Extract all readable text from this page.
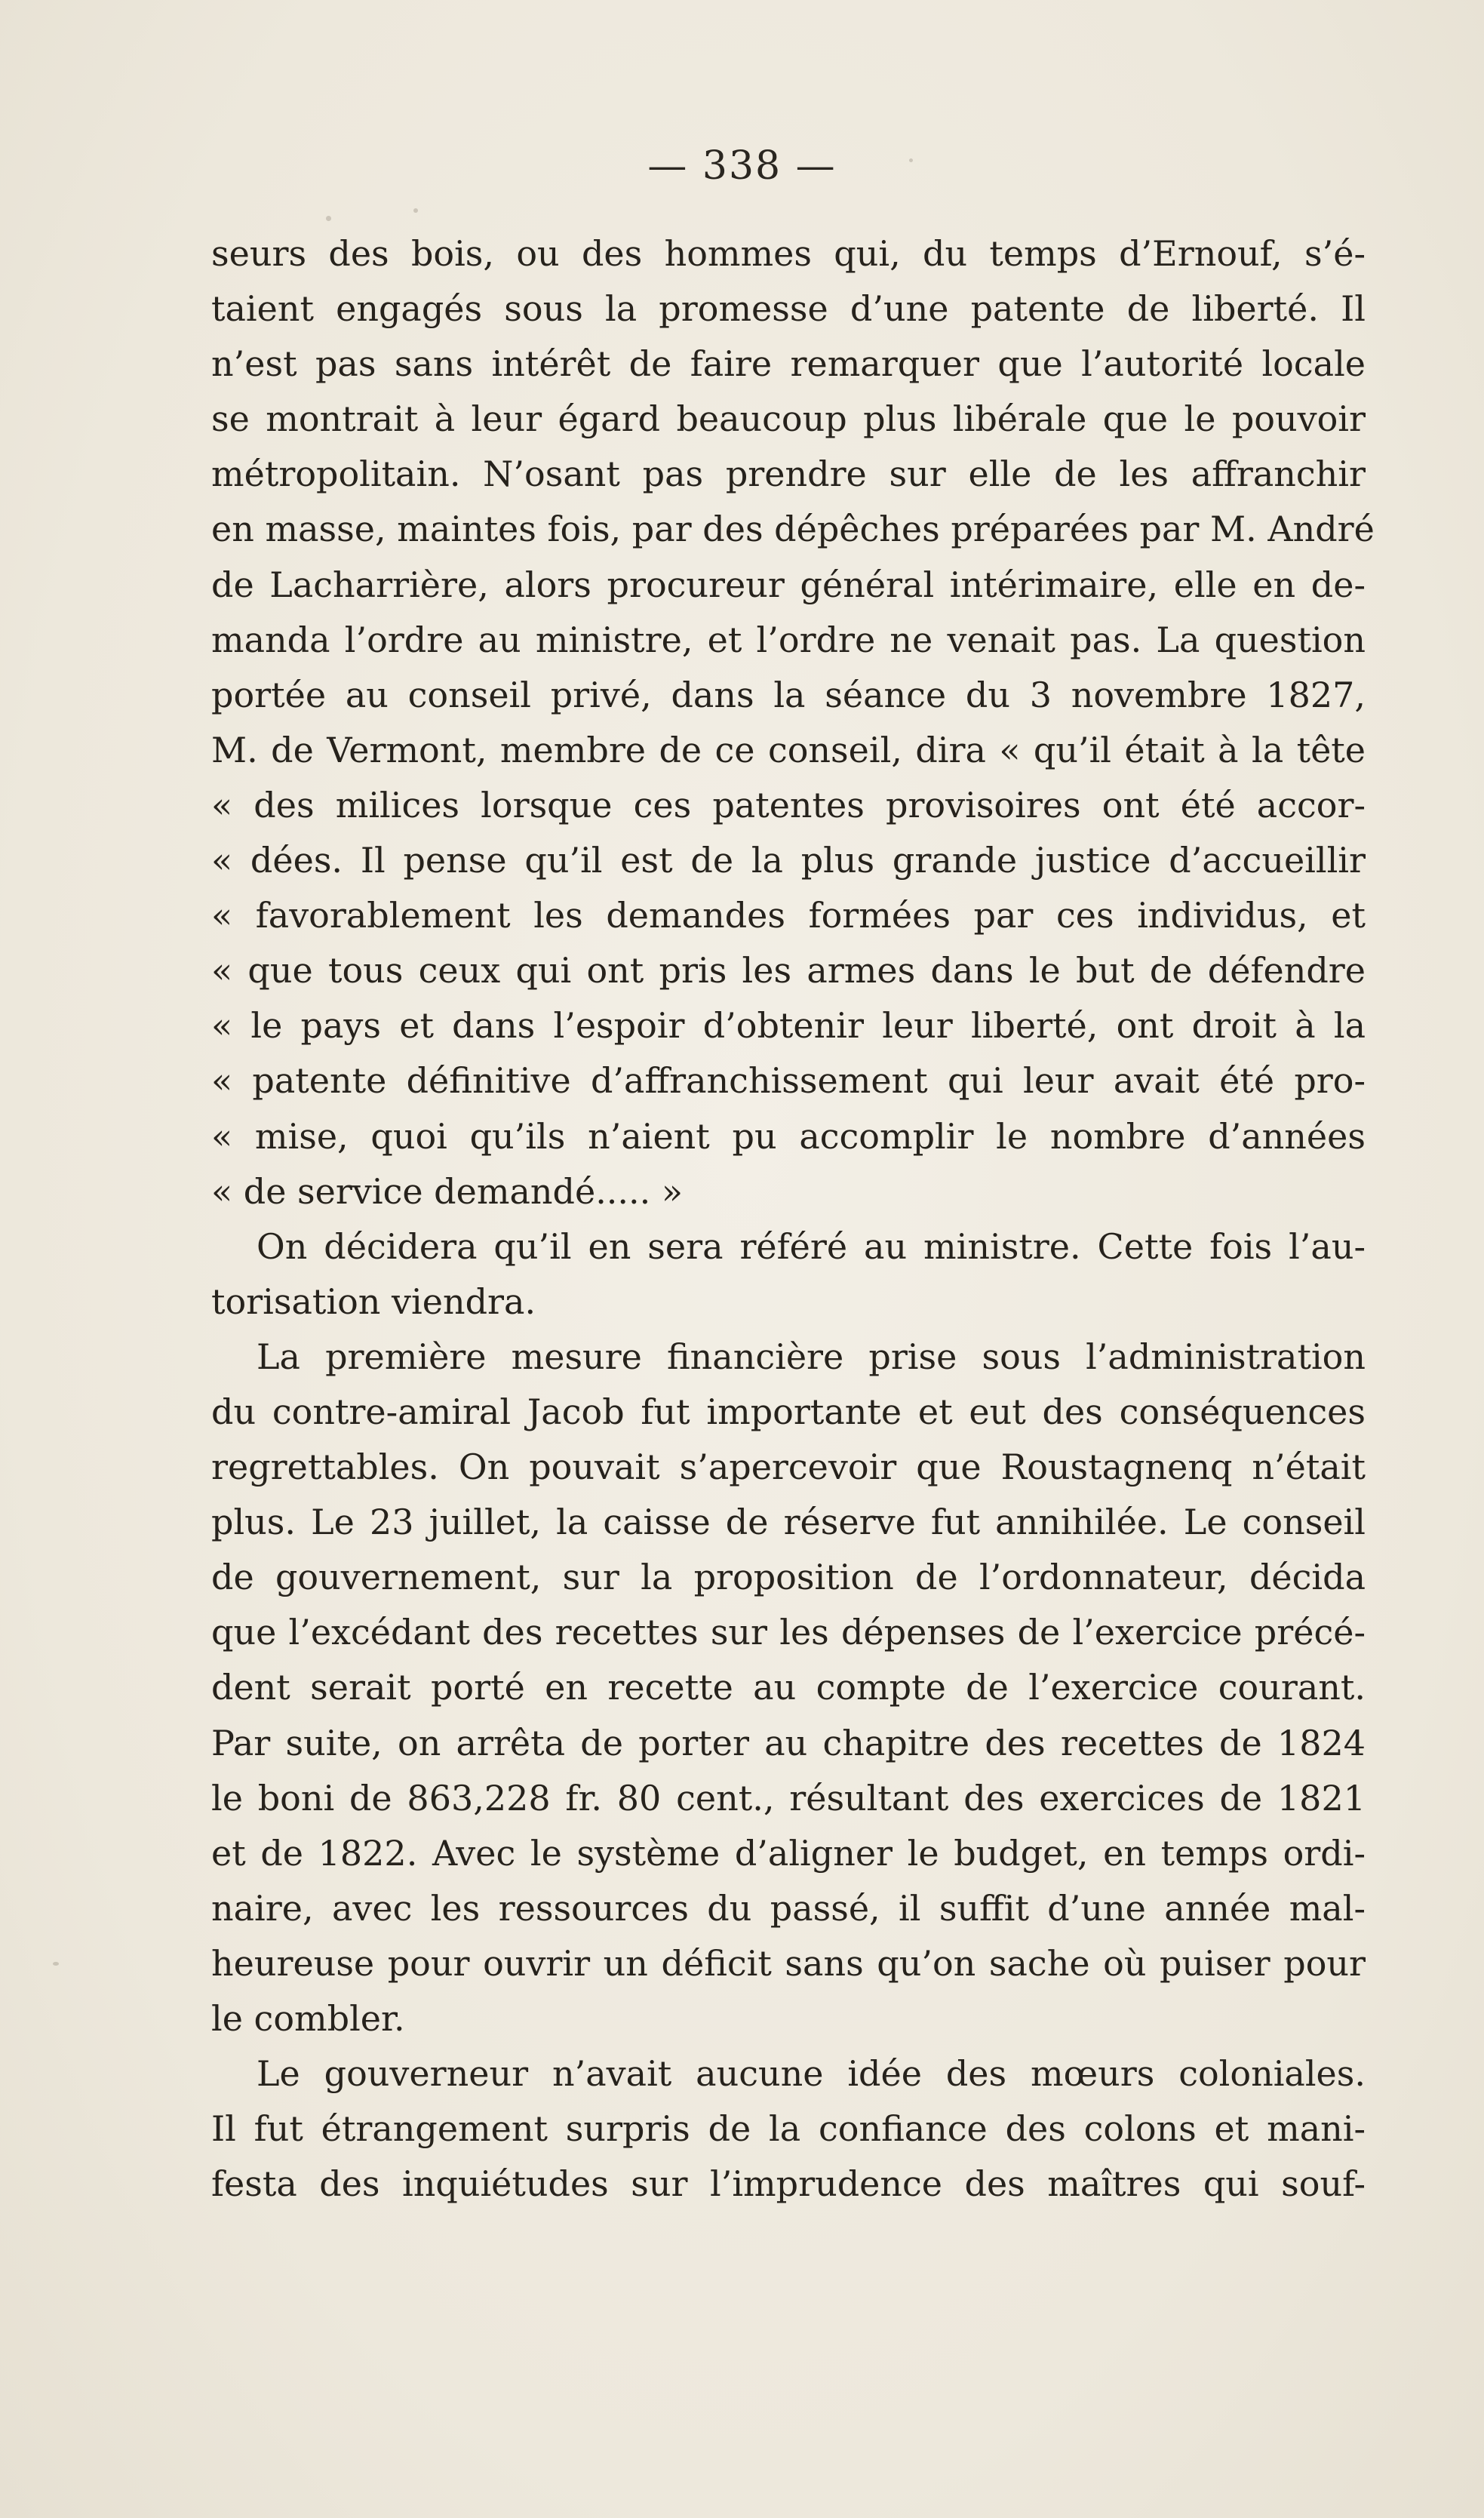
— 338 —
seurs des bois, ou des hommes qui, du temps d’Ernouf, s’é-
taient engagés sous la promesse d’une patente de liberté. Il
n’est pas sans intérêt de faire remarquer que l’autorité locale
se montrait à leur égard beaucoup plus libérale que le pouvoir
métropolitain. N’osant pas prendre sur elle de les affranchir
en masse, maintes fois, par des dépêches préparées par M. André
de Lacharrière, alors procureur général intérimaire, elle en de-
manda l’ordre au ministre, et l’ordre ne venait pas. La question
portée au conseil privé, dans la séance du 3 novembre 1827,
M. de Vermont, membre de ce conseil, dira « qu’il était à la tête
« des milices lorsque ces patentes provisoires ont été accor-
« dées. Il pense qu’il est de la plus grande justice d’accueillir
« favorablement les demandes formées par ces individus, et
« que tous ceux qui ont pris les armes dans le but de défendre
« le pays et dans l’espoir d’obtenir leur liberté, ont droit à la
« patente définitive d’affranchissement qui leur avait été pro-
« mise, quoi qu’ils n’aient pu accomplir le nombre d’années
« de service demandé..... »
On décidera qu’il en sera référé au ministre. Cette fois l’au-
torisation viendra.
La première mesure financière prise sous l’administration
du contre-amiral Jacob fut importante et eut des conséquences
regrettables. On pouvait s’apercevoir que Roustagnenq n’était
plus. Le 23 juillet, la caisse de réserve fut annihilée. Le conseil
de gouvernement, sur la proposition de l’ordonnateur, décida
que l’excédant des recettes sur les dépenses de l’exercice précé-
dent serait porté en recette au compte de l’exercice courant.
Par suite, on arrêta de porter au chapitre des recettes de 1824
le boni de 863,228 fr. 80 cent., résultant des exercices de 1821
et de 1822. Avec le système d’aligner le budget, en temps ordi-
naire, avec les ressources du passé, il suffit d’une année mal-
heureuse pour ouvrir un déficit sans qu’on sache où puiser pour
le combler.
Le gouverneur n’avait aucune idée des mœurs coloniales.
Il fut étrangement surpris de la confiance des colons et mani-
festa des inquiétudes sur l’imprudence des maîtres qui souf-
